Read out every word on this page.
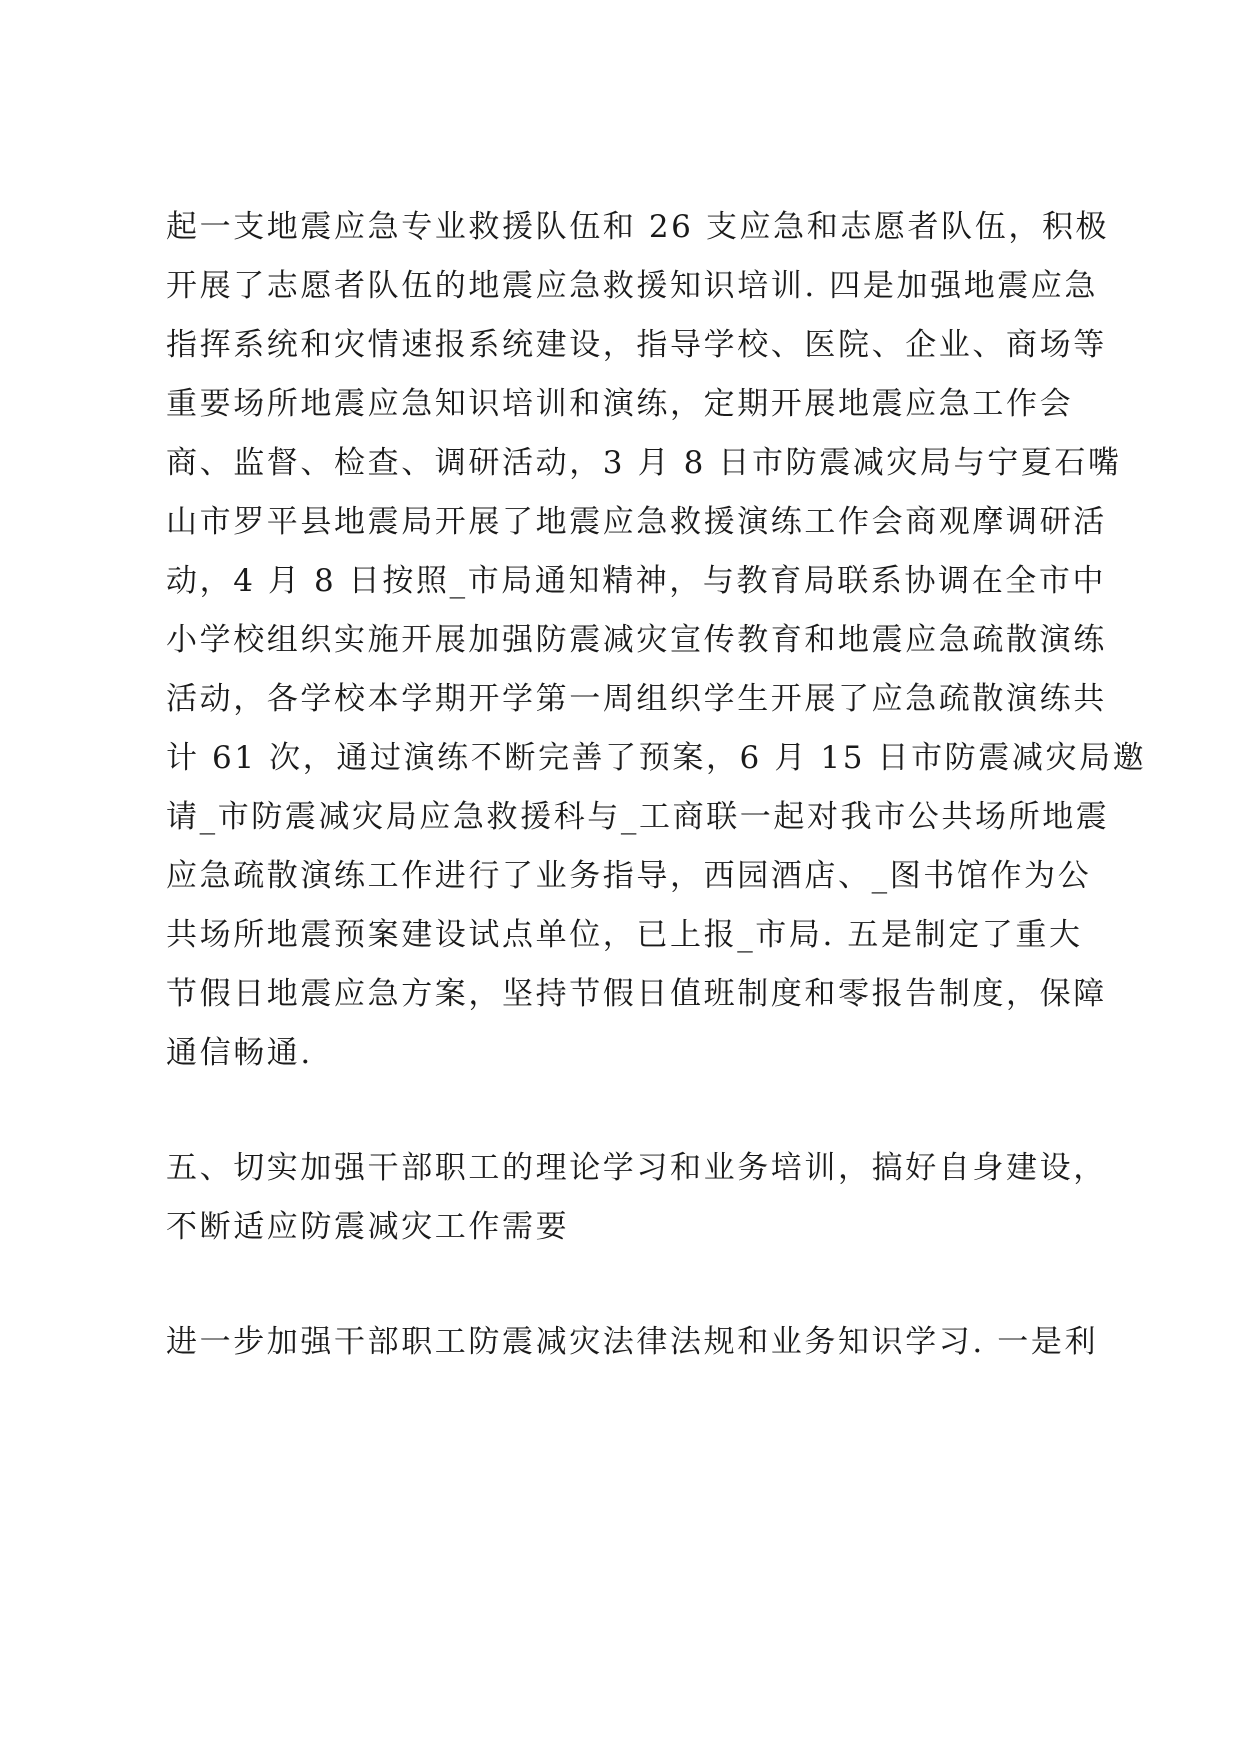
起一支地震应急专业救援队伍和 26 支应急和志愿者队伍，积极
开展了志愿者队伍的地震应急救援知识培训. 四是加强地震应急
指挥系统和灾情速报系统建设，指导学校、医院、企业、商场等
重要场所地震应急知识培训和演练，定期开展地震应急工作会
商、监督、检查、调研活动，3 月 8 日市防震减灾局与宁夏石嘴
山市罗平县地震局开展了地震应急救援演练工作会商观摩调研活
动，4 月 8 日按照_市局通知精神，与教育局联系协调在全市中
小学校组织实施开展加强防震减灾宣传教育和地震应急疏散演练
活动，各学校本学期开学第一周组织学生开展了应急疏散演练共
计 61 次，通过演练不断完善了预案，6 月 15 日市防震减灾局邀
请_市防震减灾局应急救援科与_工商联一起对我市公共场所地震
应急疏散演练工作进行了业务指导，西园酒店、_图书馆作为公
共场所地震预案建设试点单位，已上报_市局. 五是制定了重大
节假日地震应急方案，坚持节假日值班制度和零报告制度，保障
通信畅通.
五、切实加强干部职工的理论学习和业务培训，搞好自身建设，
不断适应防震减灾工作需要
进一步加强干部职工防震减灾法律法规和业务知识学习. 一是利
